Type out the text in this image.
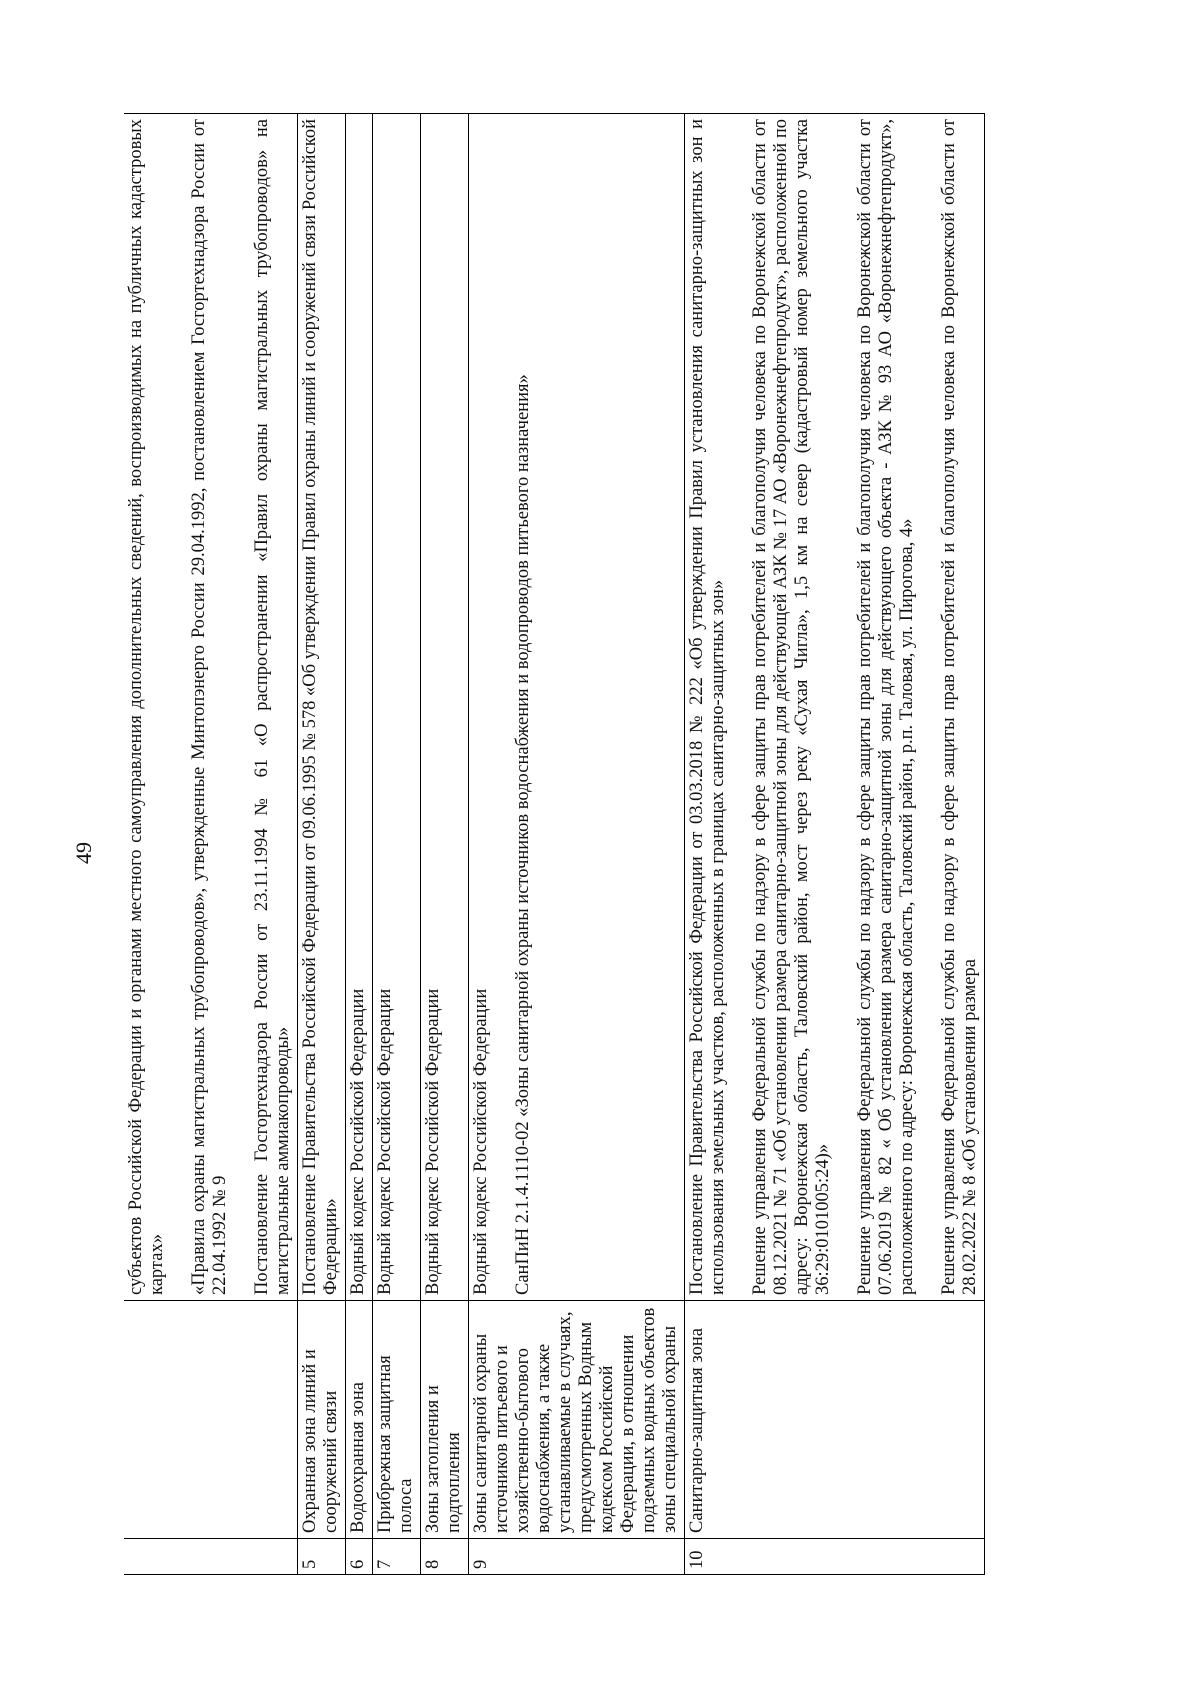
49

		субъектов Российской Федерации и органами местного самоуправления дополнительных сведений, воспроизводимых на публичных кадастровых картах» «Правила охраны магистральных трубопроводов», утвержденные Минтопэнерго России 29.04.1992, постановлением Госгортехнадзора России от 22.04.1992 № 9 Постановление Госгортехнадзора России от 23.11.1994 № 61 «О распространении «Правил охраны магистральных трубопроводов» на магистральные аммиакопроводы»

5	Охранная зона линий и сооружений связи	Постановление Правительства Российской Федерации от 09.06.1995 № 578 «Об утверждении Правил охраны линий и сооружений связи Российской Федерации»

6	Водоохранная зона	Водный кодекс Российской Федерации

7	Прибрежная защитная полоса	Водный кодекс Российской Федерации

8	Зоны затопления и подтопления	Водный кодекс Российской Федерации

9	Зоны санитарной охраны источников питьевого и хозяйственно-бытового водоснабжения, а также устанавливаемые в случаях, предусмотренных Водным кодексом Российской Федерации, в отношении подземных водных объектов зоны специальной охраны	Водный кодекс Российской Федерации СанПиН 2.1.4.1110-02 «Зоны санитарной охраны источников водоснабжения и водопроводов питьевого назначения»

10	Санитарно-защитная зона	Постановление Правительства Российской Федерации от 03.03.2018 № 222 «Об утверждении Правил установления санитарно-защитных зон и использования земельных участков, расположенных в границах санитарно-защитных зон» Решение управления Федеральной службы по надзору в сфере защиты прав потребителей и благополучия человека по Воронежской области от 08.12.2021 № 71 «Об установлении размера санитарно-защитной зоны для действующей АЗК № 17 АО «Воронежнефтепродукт», расположенной по адресу: Воронежская область, Таловский район, мост через реку «Сухая Чигла», 1,5 км на север (кадастровый номер земельного участка 36:29:0101005:24)» Решение управления Федеральной службы по надзору в сфере защиты прав потребителей и благополучия человека по Воронежской области от 07.06.2019 № 82 « Об установлении размера санитарно-защитной зоны для действующего объекта - АЗК № 93 АО «Воронежнефтепродукт», расположенного по адресу: Воронежская область, Таловский район, р.п. Таловая, ул. Пирогова, 4» Решение управления Федеральной службы по надзору в сфере защиты прав потребителей и благополучия человека по Воронежской области от 28.02.2022 № 8 «Об установлении размера
